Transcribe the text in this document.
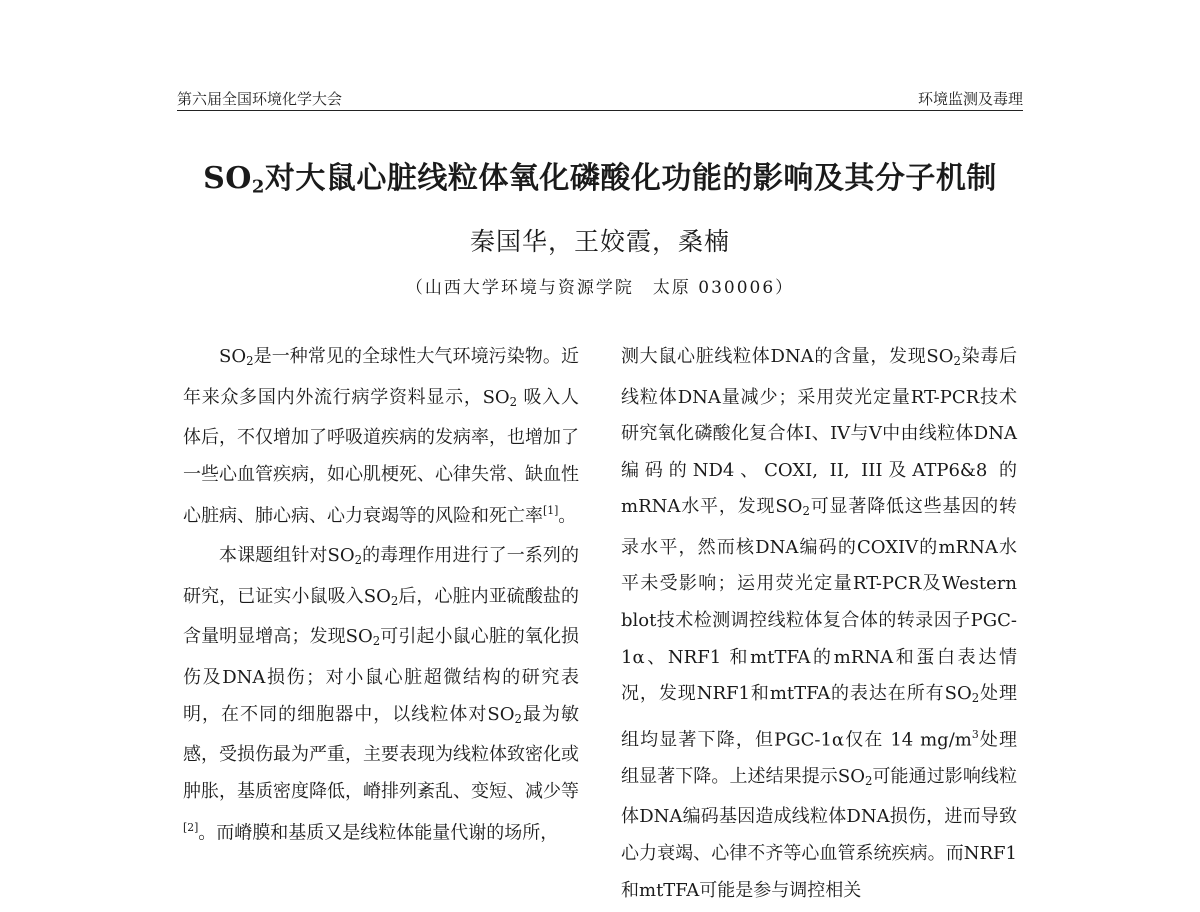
第六届全国环境化学大会	环境监测及毒理
$SO_2$对大鼠心脏线粒体氧化磷酸化功能的影响及其分子机制
秦国华，王姣霞，桑楠
（山西大学环境与资源学院　太原 030006）

$SO_2$是一种常见的全球性大气环境污染物。近年来众多国内外流行病学资料显示，$SO_2$ 吸入人体后，不仅增加了呼吸道疾病的发病率，也增加了一些心血管疾病，如心肌梗死、心律失常、缺血性心脏病、肺心病、心力衰竭等的风险和死亡率[1]。

本课题组针对$SO_2$的毒理作用进行了一系列的研究，已证实小鼠吸入$SO_2$后，心脏内亚硫酸盐的含量明显增高；发现$SO_2$可引起小鼠心脏的氧化损伤及DNA损伤；对小鼠心脏超微结构的研究表明，在不同的细胞器中，以线粒体对$SO_2$最为敏感，受损伤最为严重，主要表现为线粒体致密化或肿胀，基质密度降低，嵴排列紊乱、变短、减少等[2]。而嵴膜和基质又是线粒体能量代谢的场所，

测大鼠心脏线粒体DNA的含量，发现$SO_2$染毒后线粒体DNA量减少；采用荧光定量RT-PCR技术研究氧化磷酸化复合体I、IV与V中由线粒体DNA编码的ND4、COXI, II, III及ATP6&8 的mRNA水平，发现$SO_2$可显著降低这些基因的转录水平，然而核DNA编码的COXIV的mRNA水平未受影响；运用荧光定量RT-PCR及Western blot技术检测调控线粒体复合体的转录因子PGC-1α、NRF1 和mtTFA的mRNA和蛋白表达情况，发现NRF1和mtTFA的表达在所有$SO_2$处理组均显著下降，但PGC-1α仅在 14 $mg/m^3$处理组显著下降。上述结果提示$SO_2$可能通过影响线粒体DNA编码基因造成线粒体DNA损伤，进而导致心力衰竭、心律不齐等心血管系统疾病。而NRF1 和mtTFA可能是参与调控相关
